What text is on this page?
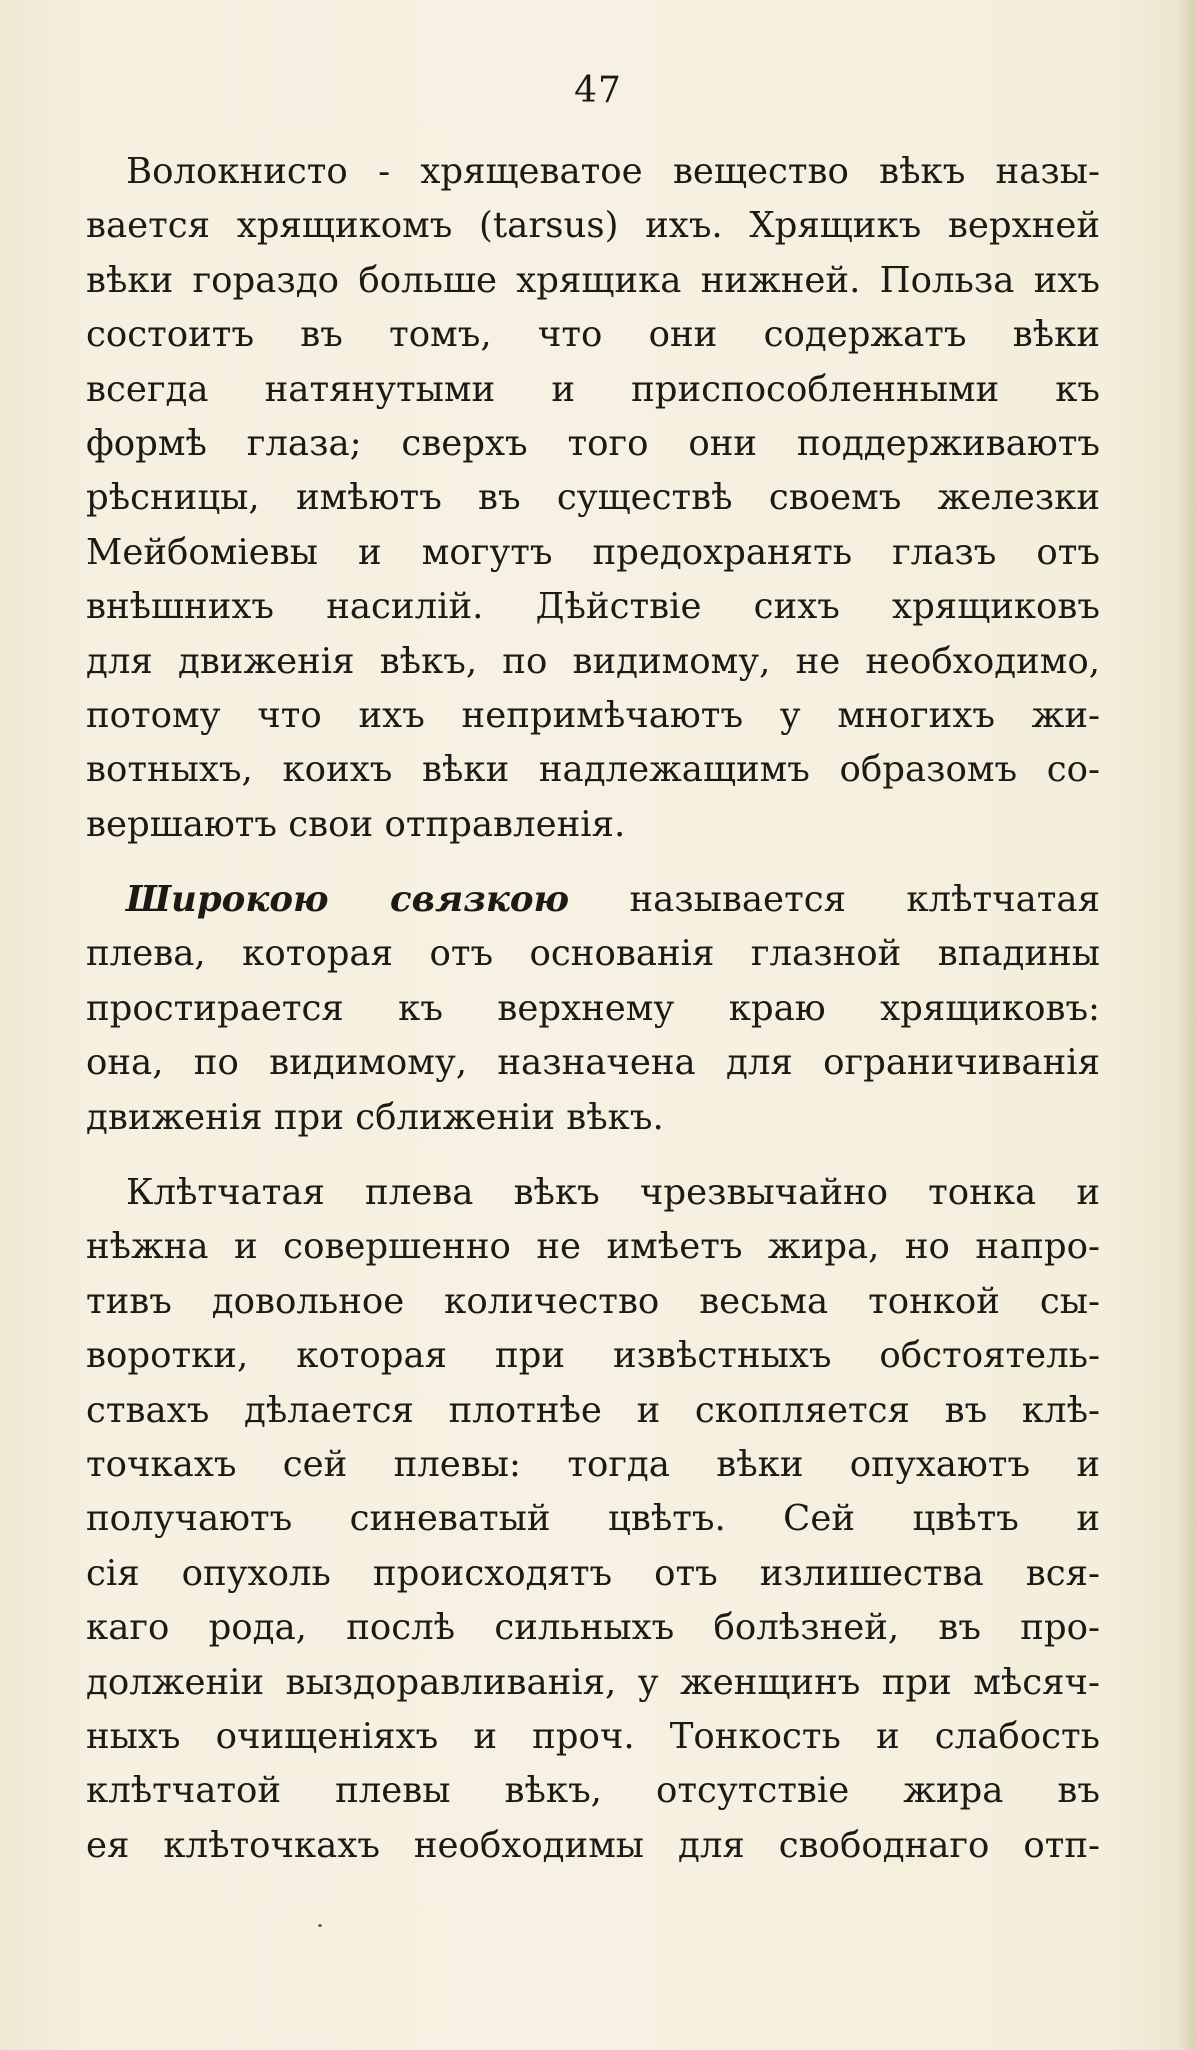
47
Волокнисто - хрящеватое вещество вѣкъ назы-
вается хрящикомъ (tarsus) ихъ. Хрящикъ верхней
вѣки гораздо больше хрящика нижней. Польза ихъ
состоитъ въ томъ, что они содержатъ вѣки
всегда натянутыми и приспособленными къ
формѣ глаза; сверхъ того они поддерживаютъ
рѣсницы, имѣютъ въ существѣ своемъ железки
Мейбоміевы и могутъ предохранять глазъ отъ
внѣшнихъ насилій. Дѣйствіе сихъ хрящиковъ
для движенія вѣкъ, по видимому, не необходимо,
потому что ихъ непримѣчаютъ у многихъ жи-
вотныхъ, коихъ вѣки надлежащимъ образомъ со-
вершаютъ свои отправленія.
Широкою связкою называется клѣтчатая
плева, которая отъ основанія глазной впадины
простирается къ верхнему краю хрящиковъ:
она, по видимому, назначена для ограничиванія
движенія при сближеніи вѣкъ.
Клѣтчатая плева вѣкъ чрезвычайно тонка и
нѣжна и совершенно не имѣетъ жира, но напро-
тивъ довольное количество весьма тонкой сы-
воротки, которая при извѣстныхъ обстоятель-
ствахъ дѣлается плотнѣе и скопляется въ клѣ-
точкахъ сей плевы: тогда вѣки опухаютъ и
получаютъ синеватый цвѣтъ. Сей цвѣтъ и
сія опухоль происходятъ отъ излишества вся-
каго рода, послѣ сильныхъ болѣзней, въ про-
долженіи выздоравливанія, у женщинъ при мѣсяч-
ныхъ очищеніяхъ и проч. Тонкость и слабость
клѣтчатой плевы вѣкъ, отсутствіе жира въ
ея клѣточкахъ необходимы для свободнаго отп-
